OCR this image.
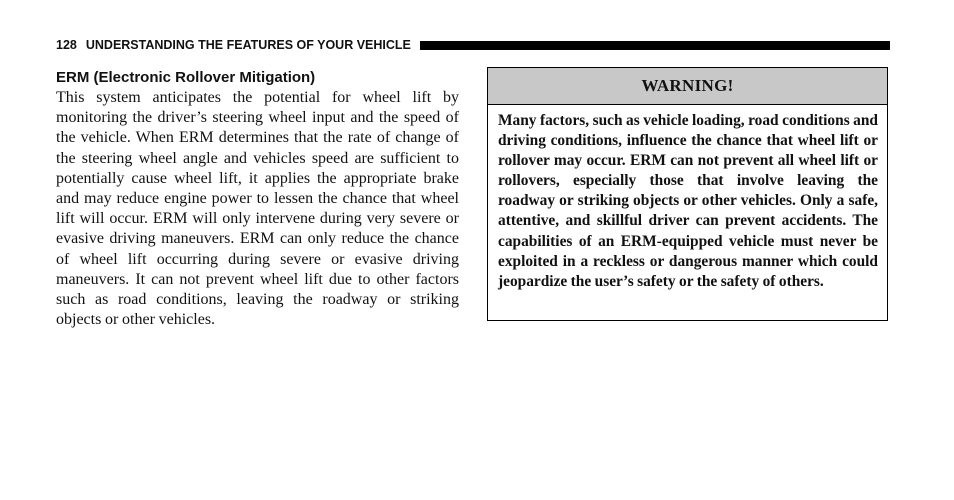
128 UNDERSTANDING THE FEATURES OF YOUR VEHICLE
ERM (Electronic Rollover Mitigation)

This system anticipates the potential for wheel lift by monitoring the driver’s steering wheel input and the speed of the vehicle. When ERM determines that the rate of change of the steering wheel angle and vehicles speed are sufficient to potentially cause wheel lift, it applies the appropriate brake and may reduce engine power to lessen the chance that wheel lift will occur. ERM will only intervene during very severe or evasive driving maneuvers. ERM can only reduce the chance of wheel lift occurring during severe or evasive driving maneuvers. It can not prevent wheel lift due to other factors such as road conditions, leaving the roadway or striking objects or other vehicles.

WARNING!

Many factors, such as vehicle loading, road conditions and driving conditions, influence the chance that wheel lift or rollover may occur. ERM can not prevent all wheel lift or rollovers, especially those that involve leaving the roadway or striking objects or other vehicles. Only a safe, attentive, and skillful driver can prevent accidents. The capabilities of an ERM-equipped vehicle must never be exploited in a reckless or dangerous manner which could jeopardize the user’s safety or the safety of others.
